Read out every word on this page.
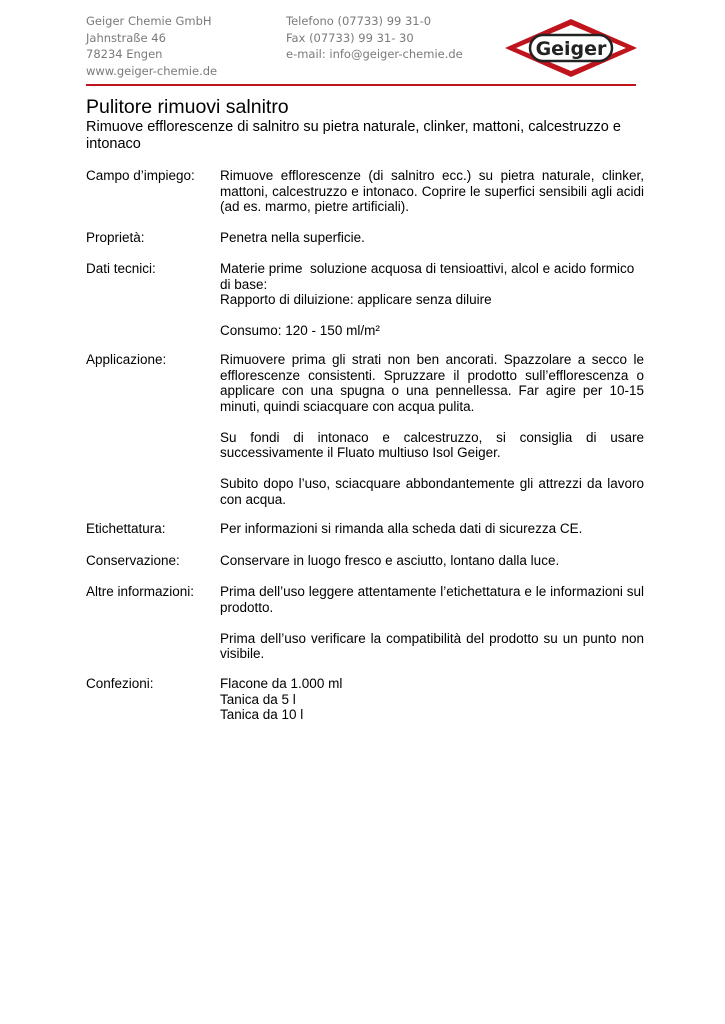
Geiger Chemie GmbH
Jahnstraße 46
78234 Engen
www.geiger-chemie.de
Telefono (07733) 99 31-0
Fax (07733) 99 31- 30
e-mail: info@geiger-chemie.de	Geiger
Pulitore rimuovi salnitro
Rimuove efflorescenze di salnitro su pietra naturale, clinker, mattoni, calcestruzzo e intonaco
Campo d’impiego:	Rimuove efflorescenze (di salnitro ecc.) su pietra naturale, clinker, mattoni, calcestruzzo e intonaco. Coprire le superfici sensibili agli acidi (ad es. marmo, pietre artificiali).
Proprietà:	Penetra nella superficie.
Dati tecnici:	Materie prime  soluzione acquosa di tensioattivi, alcol e acido formico
di base:
Rapporto di diluizione: applicare senza diluire
Consumo: 120 - 150 ml/m²
Applicazione:	Rimuovere prima gli strati non ben ancorati. Spazzolare a secco le efflorescenze consistenti. Spruzzare il prodotto sull’efflorescenza o applicare con una spugna o una pennellessa. Far agire per 10-15 minuti, quindi sciacquare con acqua pulita.
Su fondi di intonaco e calcestruzzo, si consiglia di usare successivamente il Fluato multiuso Isol Geiger.
Subito dopo l’uso, sciacquare abbondantemente gli attrezzi da lavoro con acqua.
Etichettatura:	Per informazioni si rimanda alla scheda dati di sicurezza CE.
Conservazione:	Conservare in luogo fresco e asciutto, lontano dalla luce.
Altre informazioni:	Prima dell’uso leggere attentamente l’etichettatura e le informazioni sul prodotto.
Prima dell’uso verificare la compatibilità del prodotto su un punto non visibile.
Confezioni:	Flacone da 1.000 ml
Tanica da 5 l
Tanica da 10 l
